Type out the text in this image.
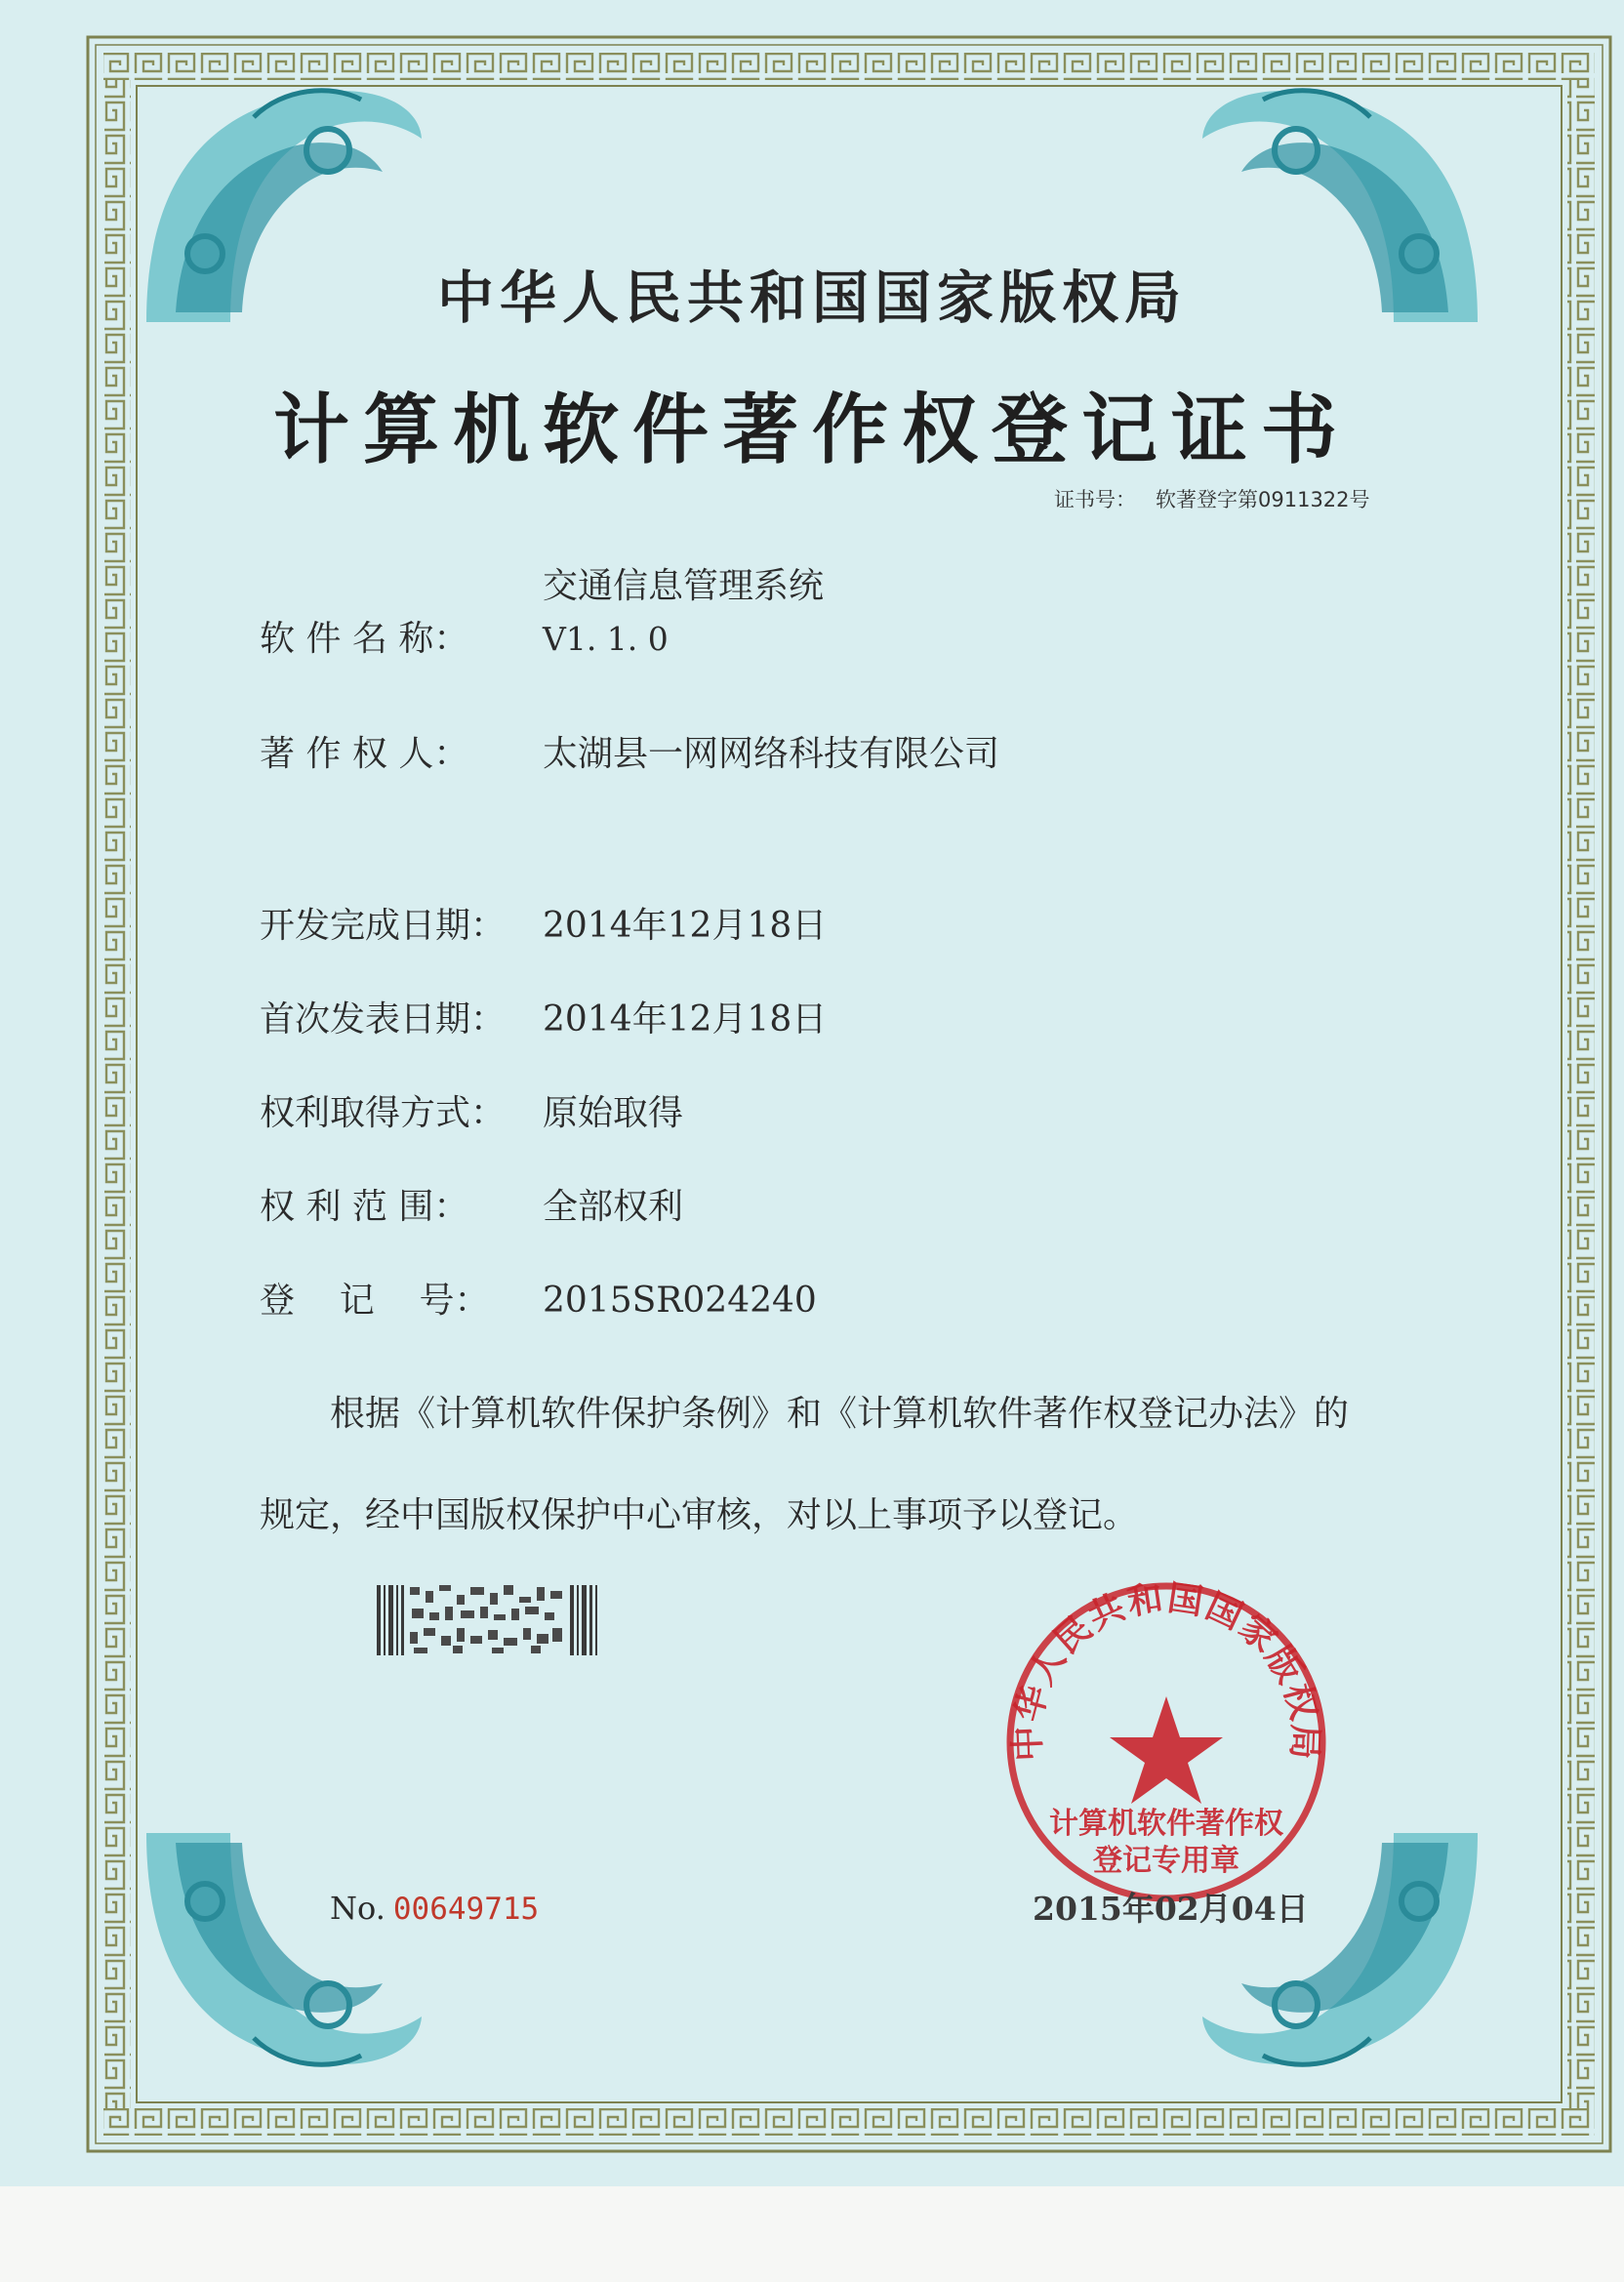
中华人民共和国国家版权局
计算机软件著作权登记证书
证书号： 软著登字第0911322号
软 件 名 称：交通信息管理系统
V1. 1. 0
著 作 权 人： 太湖县一网网络科技有限公司
开发完成日期： 2014年12月18日
首次发表日期： 2014年12月18日
权利取得方式： 原始取得
权 利 范 围： 全部权利
登    记    号： 2015SR024240
根据《计算机软件保护条例》和《计算机软件著作权登记办法》的
规定，经中国版权保护中心审核，对以上事项予以登记。
No. 00649715
中华人民共和国国家版权局
计算机软件著作权
登记专用章
2015年02月04日
